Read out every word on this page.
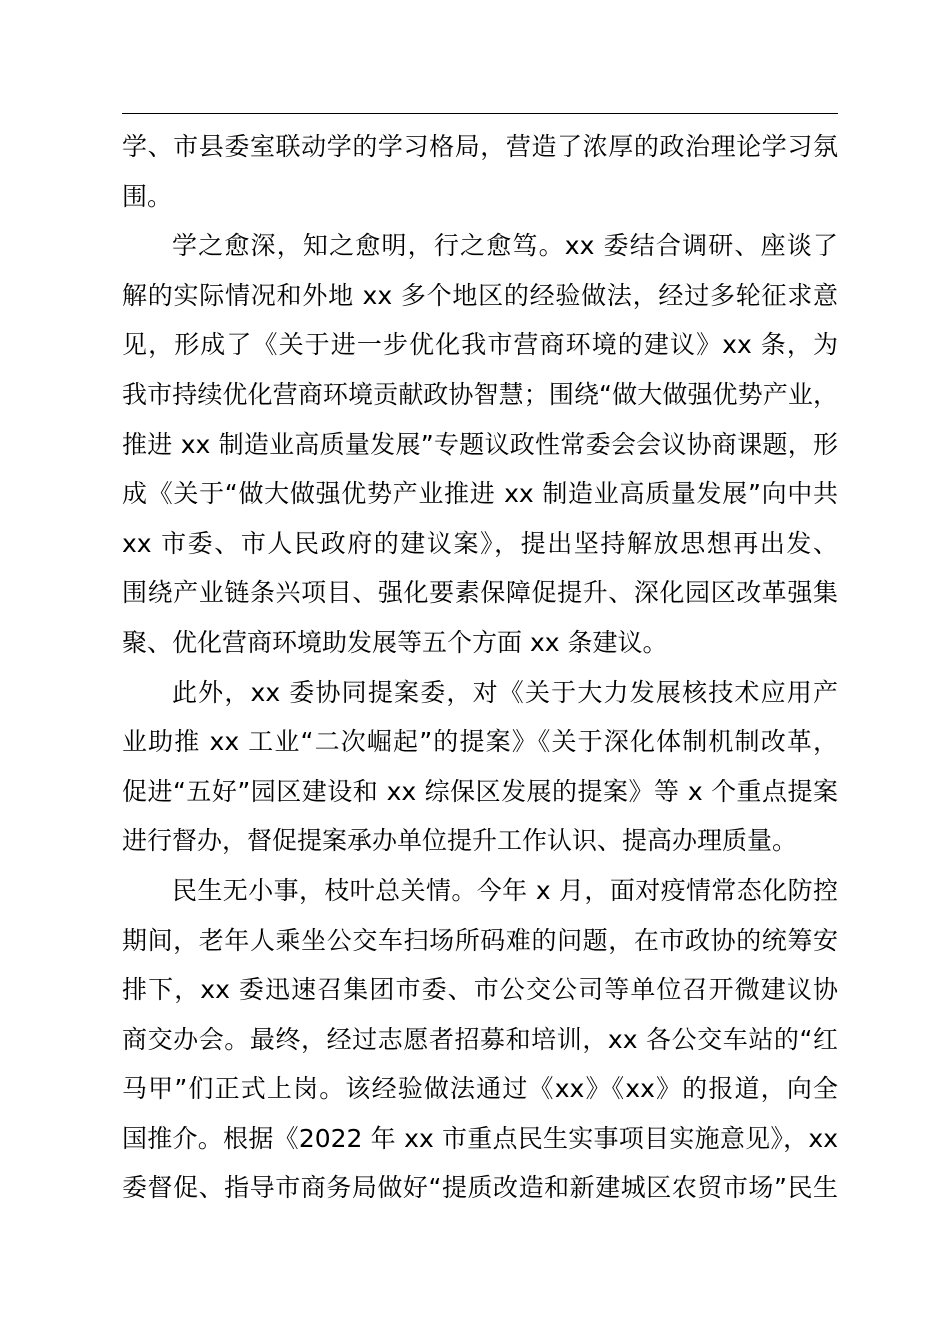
学、市县委室联动学的学习格局，营造了浓厚的政治理论学习氛
围。
学之愈深，知之愈明，行之愈笃。xx 委结合调研、座谈了
解的实际情况和外地 xx 多个地区的经验做法，经过多轮征求意
见，形成了《关于进一步优化我市营商环境的建议》xx 条，为
我市持续优化营商环境贡献政协智慧；围绕“做大做强优势产业，
推进 xx 制造业高质量发展”专题议政性常委会会议协商课题，形
成《关于“做大做强优势产业推进 xx 制造业高质量发展”向中共
xx 市委、市人民政府的建议案》，提出坚持解放思想再出发、
围绕产业链条兴项目、强化要素保障促提升、深化园区改革强集
聚、优化营商环境助发展等五个方面 xx 条建议。
此外，xx 委协同提案委，对《关于大力发展核技术应用产
业助推 xx 工业“二次崛起”的提案》《关于深化体制机制改革，
促进“五好”园区建设和 xx 综保区发展的提案》等 x 个重点提案
进行督办，督促提案承办单位提升工作认识、提高办理质量。
民生无小事，枝叶总关情。今年 x 月，面对疫情常态化防控
期间，老年人乘坐公交车扫场所码难的问题，在市政协的统筹安
排下，xx 委迅速召集团市委、市公交公司等单位召开微建议协
商交办会。最终，经过志愿者招募和培训，xx 各公交车站的“红
马甲”们正式上岗。该经验做法通过《xx》《xx》的报道，向全
国推介。根据《2022 年 xx 市重点民生实事项目实施意见》，xx
委督促、指导市商务局做好“提质改造和新建城区农贸市场”民生
